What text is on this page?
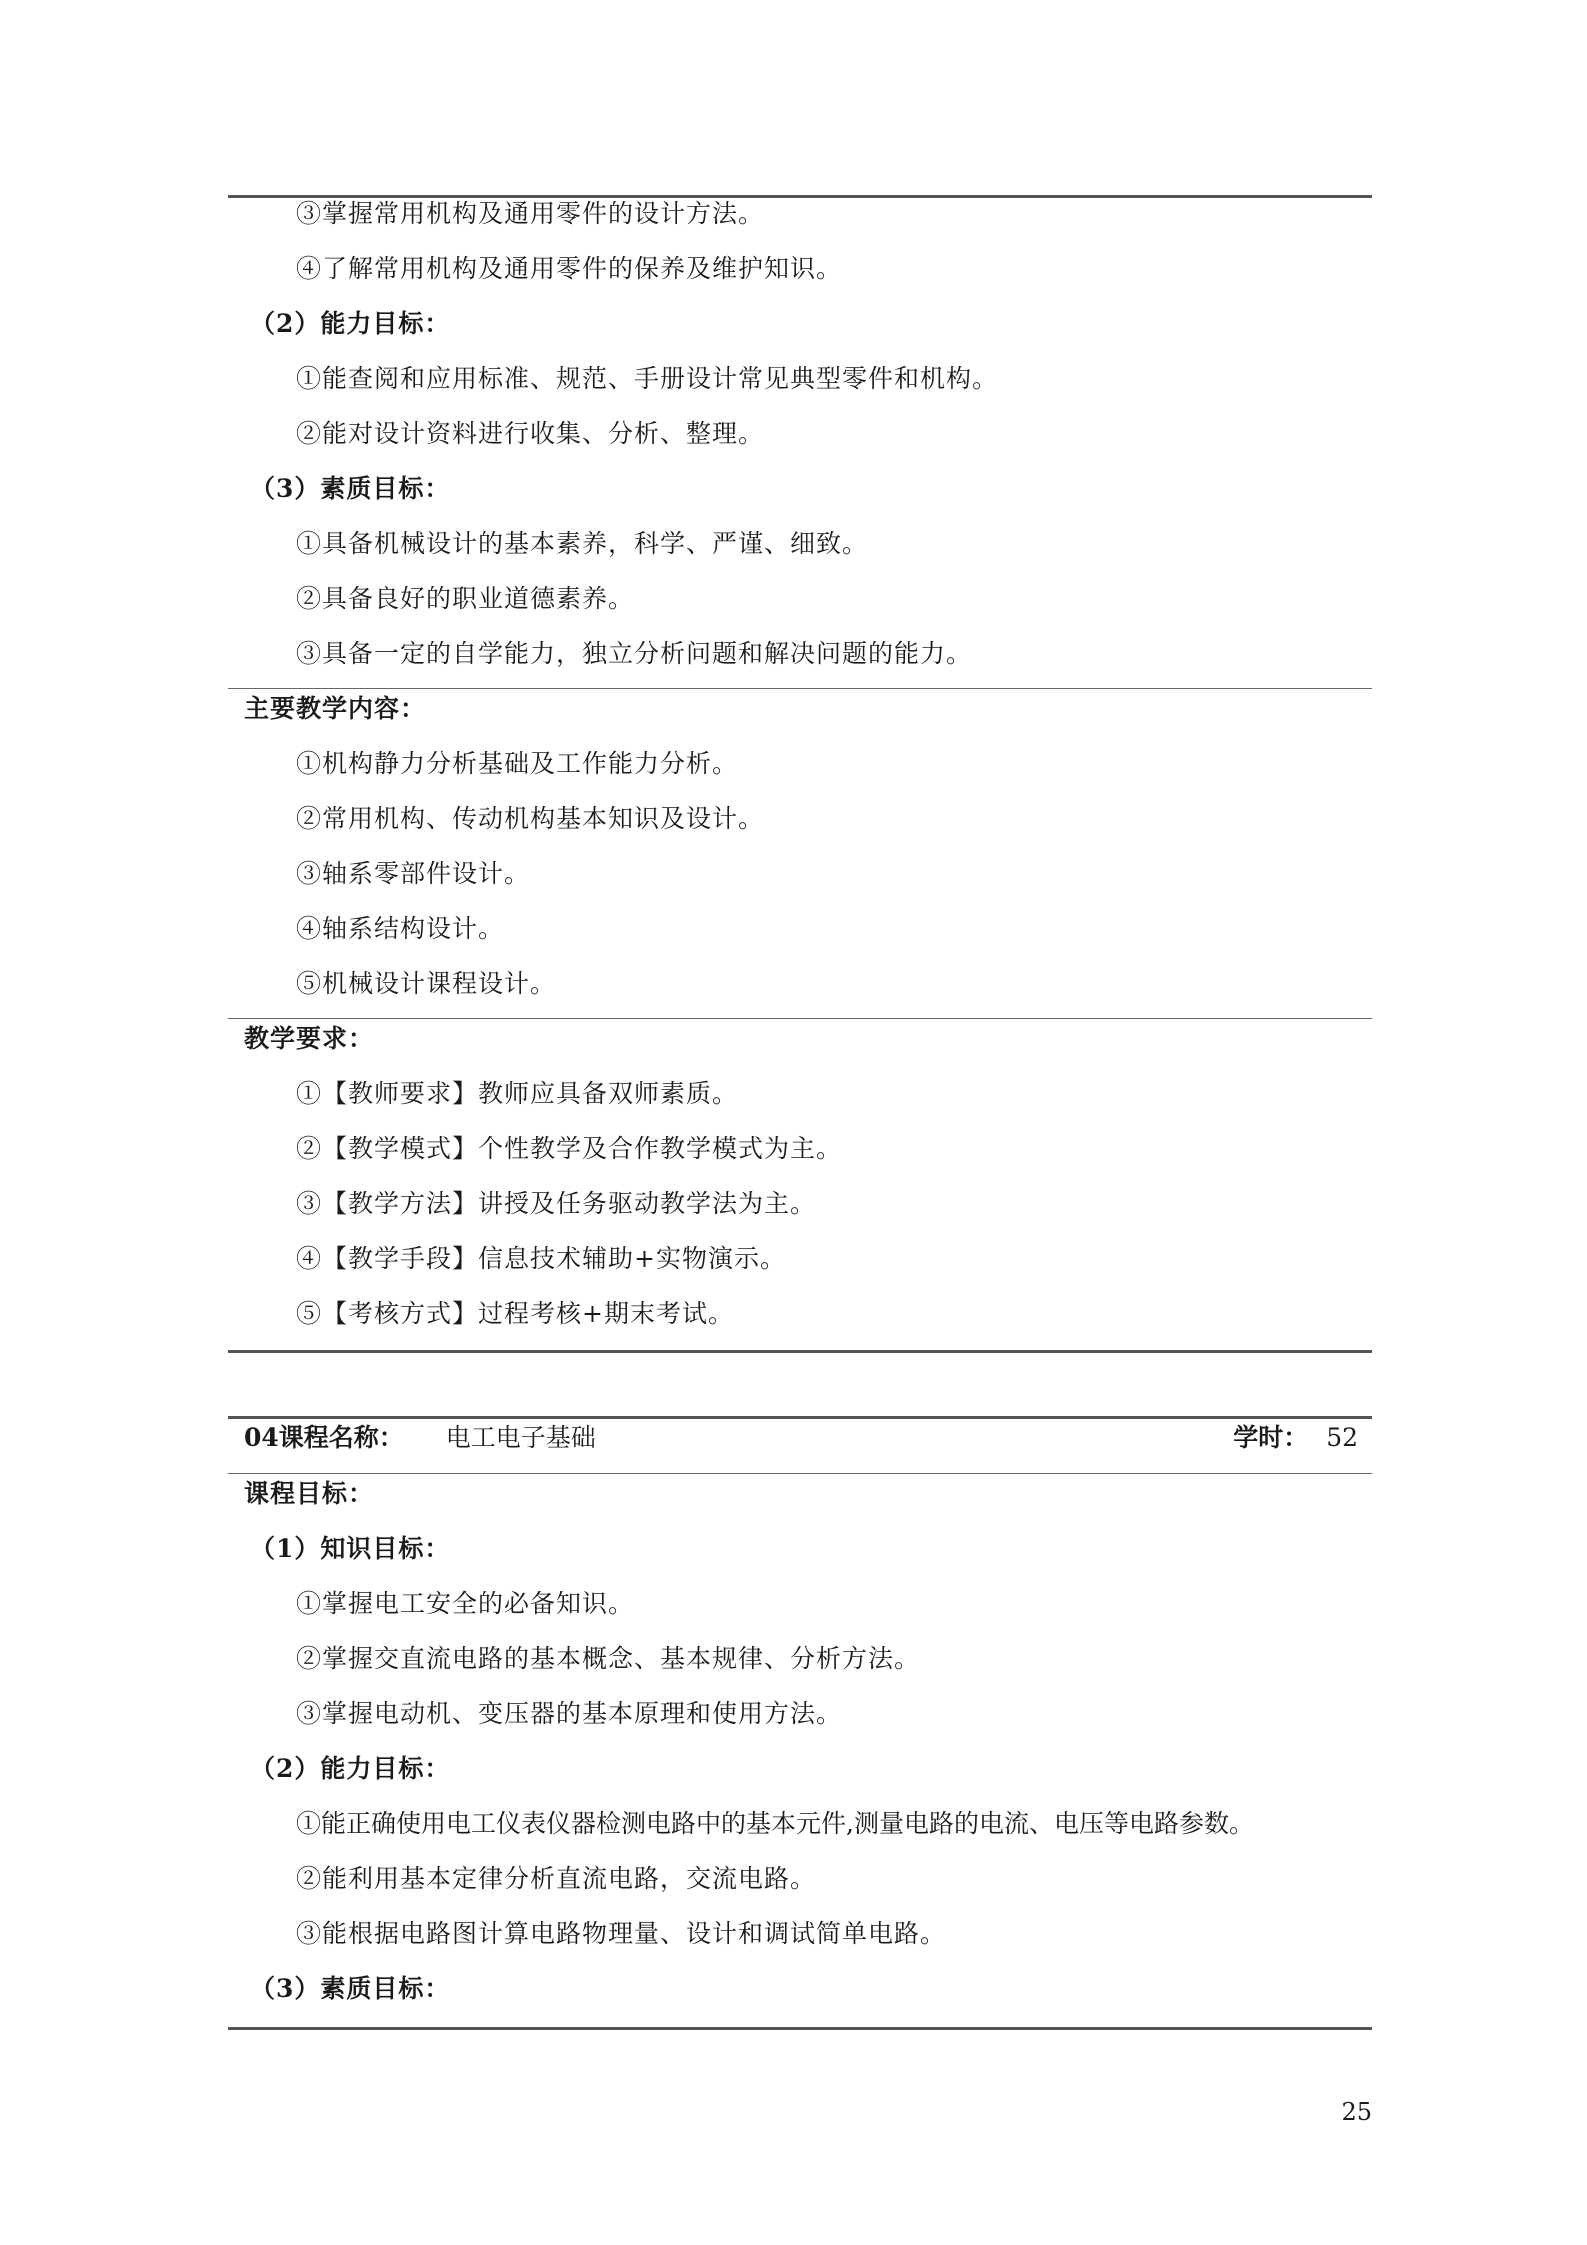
③掌握常用机构及通用零件的设计方法。
④了解常用机构及通用零件的保养及维护知识。
（2）能力目标：
①能查阅和应用标准、规范、手册设计常见典型零件和机构。
②能对设计资料进行收集、分析、整理。
（3）素质目标：
①具备机械设计的基本素养，科学、严谨、细致。
②具备良好的职业道德素养。
③具备一定的自学能力，独立分析问题和解决问题的能力。
主要教学内容：
①机构静力分析基础及工作能力分析。
②常用机构、传动机构基本知识及设计。
③轴系零部件设计。
④轴系结构设计。
⑤机械设计课程设计。
教学要求：
①【教师要求】教师应具备双师素质。
②【教学模式】个性教学及合作教学模式为主。
③【教学方法】讲授及任务驱动教学法为主。
④【教学手段】信息技术辅助+实物演示。
⑤【考核方式】过程考核+期末考试。
04课程名称： 电工电子基础	学时： 52
课程目标：
（1）知识目标：
①掌握电工安全的必备知识。
②掌握交直流电路的基本概念、基本规律、分析方法。
③掌握电动机、变压器的基本原理和使用方法。
（2）能力目标：
①能正确使用电工仪表仪器检测电路中的基本元件,测量电路的电流、电压等电路参数。
②能利用基本定律分析直流电路，交流电路。
③能根据电路图计算电路物理量、设计和调试简单电路。
（3）素质目标：
25
